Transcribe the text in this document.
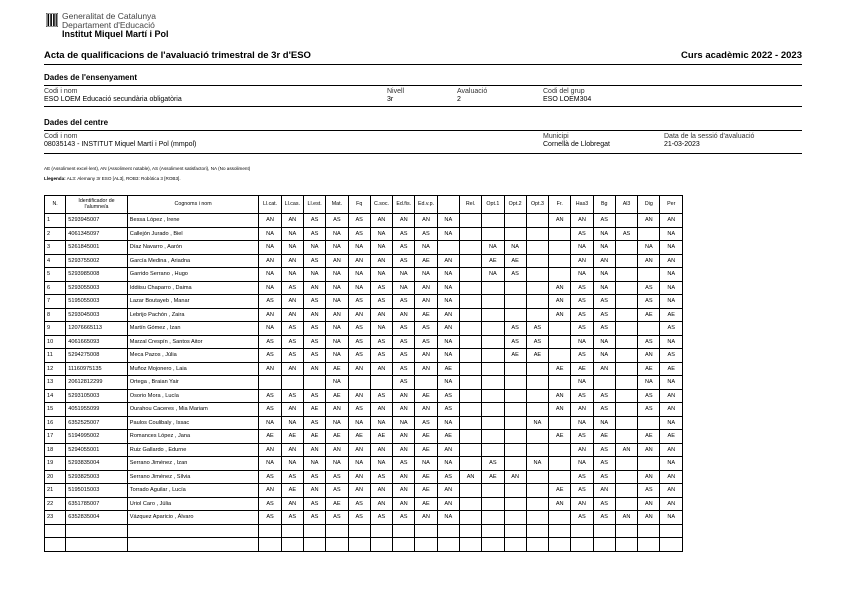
Generalitat de Catalunya
Departament d'Educació
Institut Miquel Martí i Pol
Acta de qualificacions de l'avaluació trimestral de 3r d'ESO	Curs acadèmic 2022 - 2023
Dades de l'ensenyament
Codi i nom
ESO LOEM Educació secundària obligatòria
Nivell
3r
Avaluació
2
Codi del grup
ESO LOEM304
Dades del centre
Codi i nom
08035143 - INSTITUT Miquel Martí i Pol (mmpol)
Municipi
Cornellà de Llobregat
Data de la sessió d'avaluació
21-03-2023
AE (Assoliment excel·lent), AN (Assoliment notable), AS (Assoliment satisfactori), NA (No assoliment)
Llegenda: AL3: Alemany 3r ESO [AL3], ROB3: Robòtica 3 [ROB3].
N.	Identificador de l'alumne/a	Cognoms i nom	Ll.cat.	Ll.cas.	Ll.est.	Mat.	Fq	C.soc.	Ed.fis.	Ed.v.p.		Rel.	Opt.1	Opt.2	Opt.3	Fr.	Has3	Bg	Al3	Dig	Per
1	5293945007	Bessa López , Irene	AN	AN	AS	AS	AS	AN	AN	AN	NA					AN	AN	AS		AN	AN
2	4061345097	Callejón Jurado , Biel	NA	NA	AS	NA	AS	NA	AS	AS	NA						AS	NA	AS		NA
3	5261845001	Díaz Navarro , Aarón	NA	NA	NA	NA	NA	NA	AS	NA			NA	NA			NA	NA		NA	NA
4	5293755002	García Medina , Ariadna	AN	AN	AS	AN	AN	AN	AS	AE	AN		AE	AE			AN	AN		AN	AN
5	5293985008	Garrido Serrano , Hugo	NA	NA	NA	NA	NA	NA	NA	NA	NA		NA	AS			NA	NA			NA
6	5293055003	Iddiisu Chaparro , Daima	NA	AS	AN	NA	NA	AS	NA	AN	NA					AN	AS	NA		AS	NA
7	5195055003	Lazar Boutayeb , Manar	AS	AN	AS	NA	AS	AS	AS	AN	NA					AN	AS	AS		AS	NA
8	5293045003	Lebrijo Pachón , Zaira	AN	AN	AN	AN	AN	AN	AN	AE	AN					AN	AS	AS		AE	AE
9	12076665113	Martín Gómez , Izan	NA	AS	AS	NA	AS	NA	AS	AS	AN			AS	AS		AS	AS			AS
10	4061665093	Marzal Crespín , Santos Aitor	AS	AS	AS	NA	AS	AS	AS	AS	NA			AS	AS		NA	NA		AS	NA
11	5294275008	Meca Pazos , Júlia	AS	AS	AS	NA	AS	AS	AS	AN	NA			AE	AE		AS	NA		AN	AS
12	11160975135	Muñoz Mojonero , Laia	AN	AN	AN	AE	AN	AN	AS	AN	AE					AE	AE	AN		AE	AE
13	20612812299	Ortega , Braian Yair				NA			AS		NA						NA			NA	NA
14	5293105003	Osorio Mora , Lucía	AS	AS	AS	AE	AN	AS	AN	AE	AS					AN	AS	AS		AS	AN
15	4051955099	Ourahou Caceres , Mia Mariam	AS	AN	AE	AN	AS	AN	AN	AN	AS					AN	AN	AS		AS	AN
16	6352525007	Paulos Coulibaly , Issac	NA	NA	AS	NA	NA	NA	NA	AS	NA				NA		NA	NA			NA
17	5194995002	Romances López , Jana	AE	AE	AE	AE	AE	AE	AN	AE	AE					AE	AS	AE		AE	AE
18	5294055001	Ruiz Gallardo , Edurne	AN	AN	AN	AN	AN	AN	AN	AE	AN						AN	AS	AN	AN	AN
19	5293835004	Serrano Jiménez , Izan	NA	NA	NA	NA	NA	NA	AS	NA	NA		AS		NA		NA	AS			NA
20	5293825003	Serrano Jiménez , Sílvia	AS	AS	AS	AS	AN	AS	AN	AE	AS	AN	AE	AN			AS	AS		AN	AN
21	5195015003	Torrado Aguilar , Lucía	AN	AE	AN	AS	AN	AN	AN	AE	AN					AE	AS	AN		AS	AN
22	6351785007	Uriol Caro , Júlia	AS	AN	AS	AE	AS	AN	AN	AE	AN					AN	AN	AS		AN	AN
23	6352835004	Vázquez Aparicio , Álvaro	AS	AS	AS	AS	AS	AS	AS	AN	NA						AS	AS	AN	AN	NA
